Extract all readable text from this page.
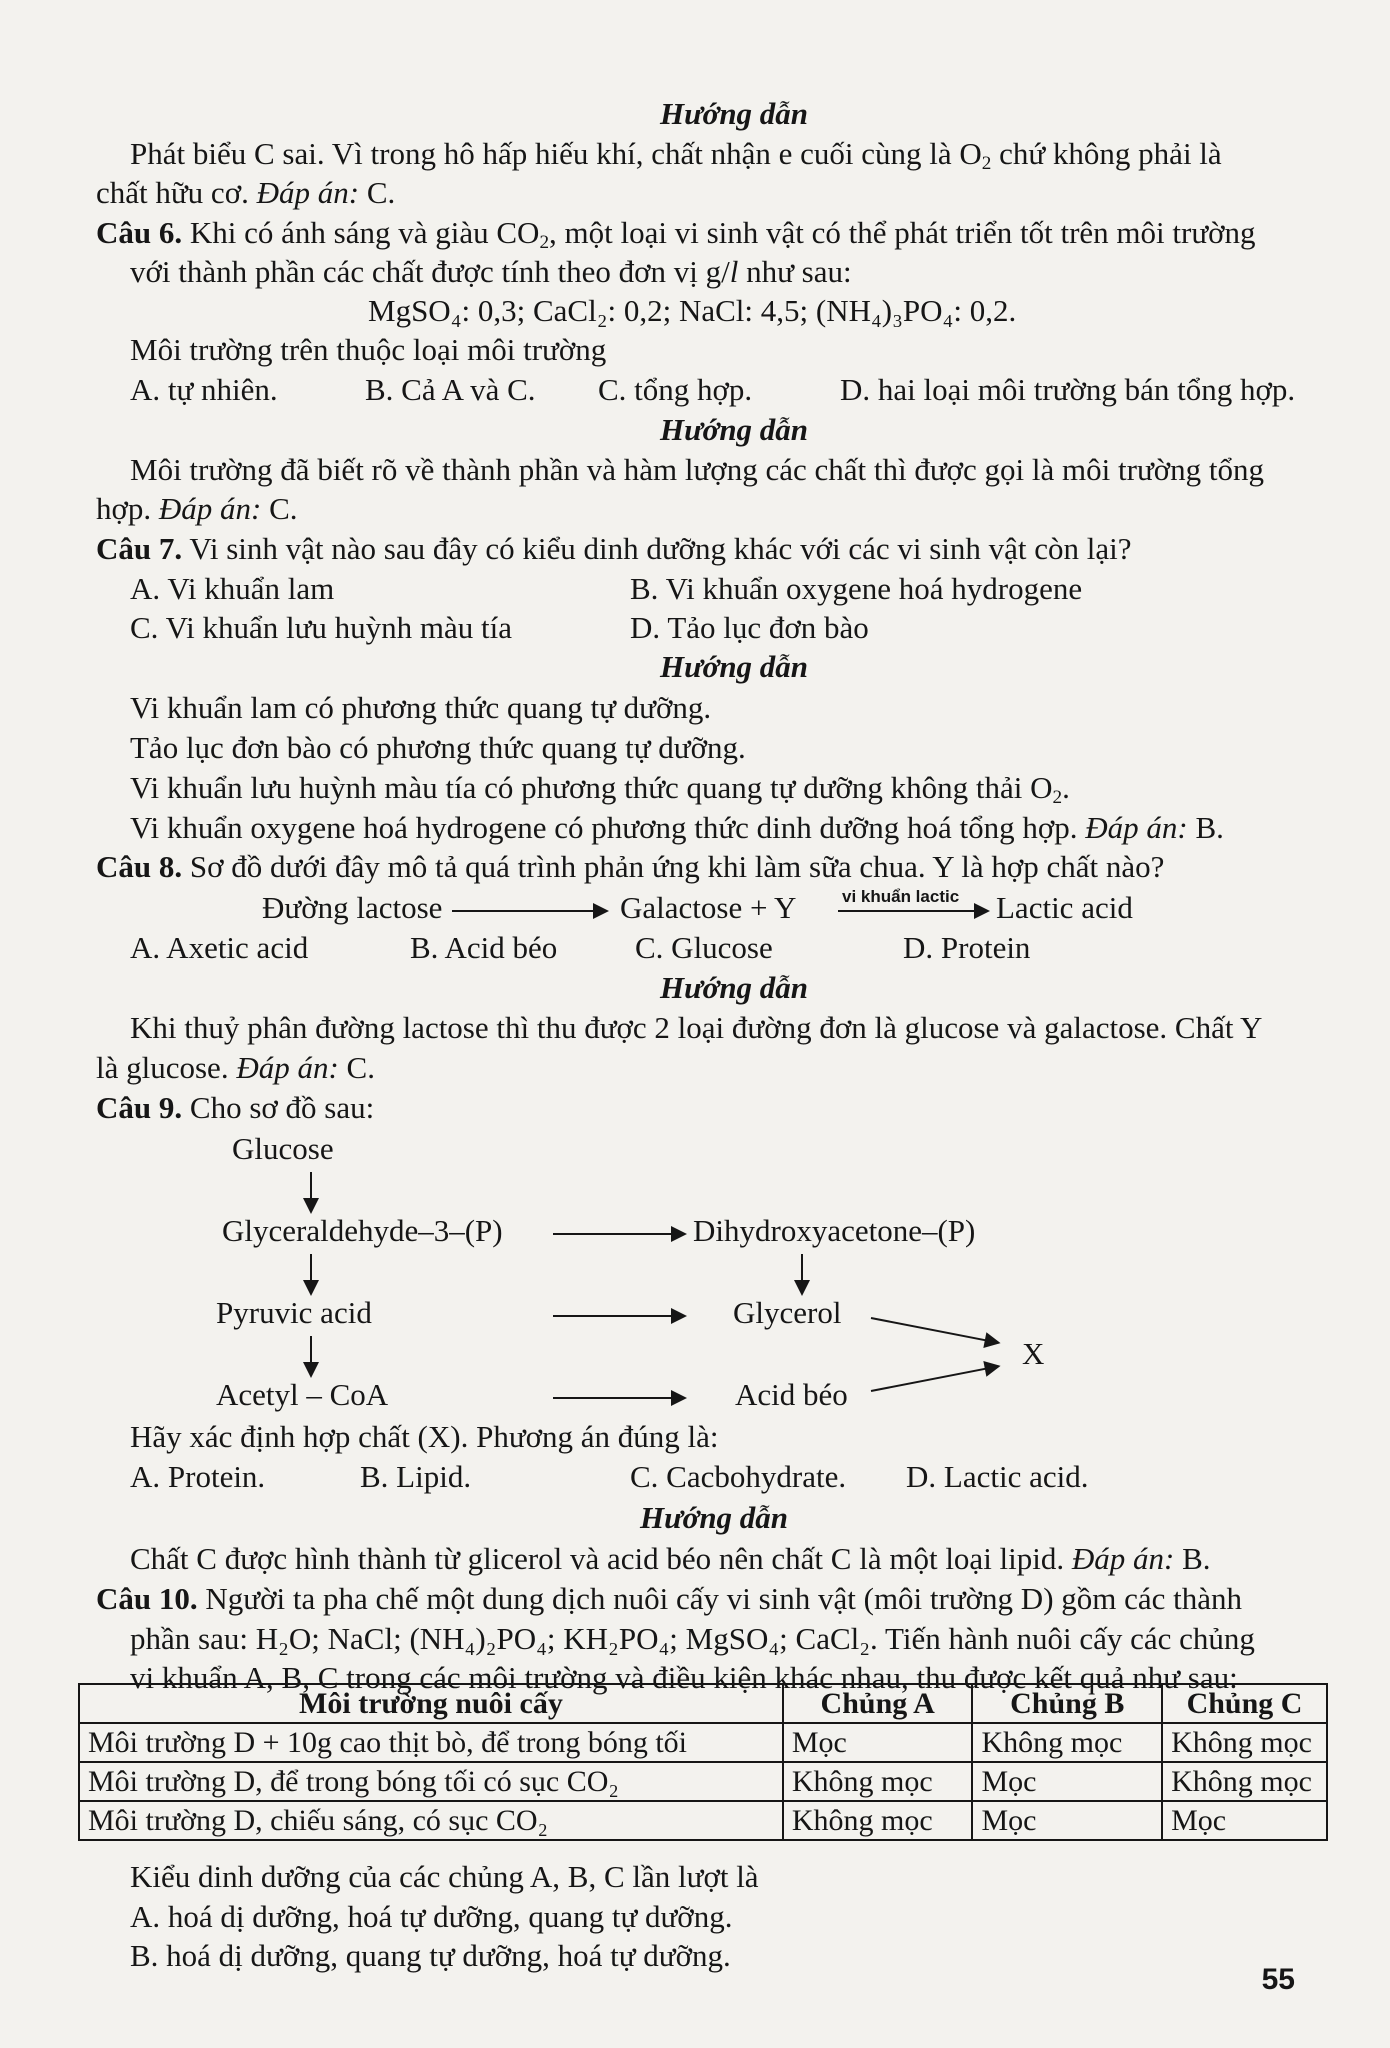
Hướng dẫn
Phát biểu C sai. Vì trong hô hấp hiếu khí, chất nhận e cuối cùng là $O_2$ chứ không phải là
chất hữu cơ. Đáp án: C.
Câu 6. Khi có ánh sáng và giàu $CO_2$, một loại vi sinh vật có thể phát triển tốt trên môi trường
với thành phần các chất được tính theo đơn vị g/l như sau:
MgSO₄: 0,3; CaCl₂: 0,2; NaCl: 4,5; (NH₄)₃PO₄: 0,2.
Môi trường trên thuộc loại môi trường
A. tự nhiên.	B. Cả A và C. C. tổng hợp.	D. hai loại môi trường bán tổng hợp.
Hướng dẫn
Môi trường đã biết rõ về thành phần và hàm lượng các chất thì được gọi là môi trường tổng
hợp. Đáp án: C.
Câu 7. Vi sinh vật nào sau đây có kiểu dinh dưỡng khác với các vi sinh vật còn lại?
A. Vi khuẩn lam	B. Vi khuẩn oxygene hoá hydrogene
C. Vi khuẩn lưu huỳnh màu tía	D. Tảo lục đơn bào
Hướng dẫn
Vi khuẩn lam có phương thức quang tự dưỡng.
Tảo lục đơn bào có phương thức quang tự dưỡng.
Vi khuẩn lưu huỳnh màu tía có phương thức quang tự dưỡng không thải $O_2$.
Vi khuẩn oxygene hoá hydrogene có phương thức dinh dưỡng hoá tổng hợp. Đáp án: B.
Câu 8. Sơ đồ dưới đây mô tả quá trình phản ứng khi làm sữa chua. Y là hợp chất nào?
Đường lactose	Galactose + Y	vi khuẩn lactic Lactic acid
A. Axetic acid	B. Acid béo	C. Glucose	D. Protein
Hướng dẫn
Khi thuỷ phân đường lactose thì thu được 2 loại đường đơn là glucose và galactose. Chất Y
là glucose. Đáp án: C.
Câu 9. Cho sơ đồ sau:
Glucose
Glyceraldehyde–3–(P)	Dihydroxyacetone–(P)
Pyruvic acid	Glycerol
X
Acetyl – CoA	Acid béo
Hãy xác định hợp chất (X). Phương án đúng là:
A. Protein.	B. Lipid.	C. Cacbohydrate. D. Lactic acid.
Hướng dẫn
Chất C được hình thành từ glicerol và acid béo nên chất C là một loại lipid. Đáp án: B.
Câu 10. Người ta pha chế một dung dịch nuôi cấy vi sinh vật (môi trường D) gồm các thành
phần sau: H₂O; NaCl; (NH₄)₂PO₄; KH₂PO₄; MgSO₄; CaCl₂. Tiến hành nuôi cấy các chủng
vi khuẩn A, B, C trong các môi trường và điều kiện khác nhau, thu được kết quả như sau:
Môi trường nuôi cấy	Chủng A	Chủng B	Chủng C
Môi trường D + 10g cao thịt bò, để trong bóng tối	Mọc	Không mọc	Không mọc
Môi trường D, để trong bóng tối có sục CO₂	Không mọc	Mọc	Không mọc
Môi trường D, chiếu sáng, có sục CO₂	Không mọc	Mọc	Mọc
Kiểu dinh dưỡng của các chủng A, B, C lần lượt là
A. hoá dị dưỡng, hoá tự dưỡng, quang tự dưỡng.
B. hoá dị dưỡng, quang tự dưỡng, hoá tự dưỡng.
55
